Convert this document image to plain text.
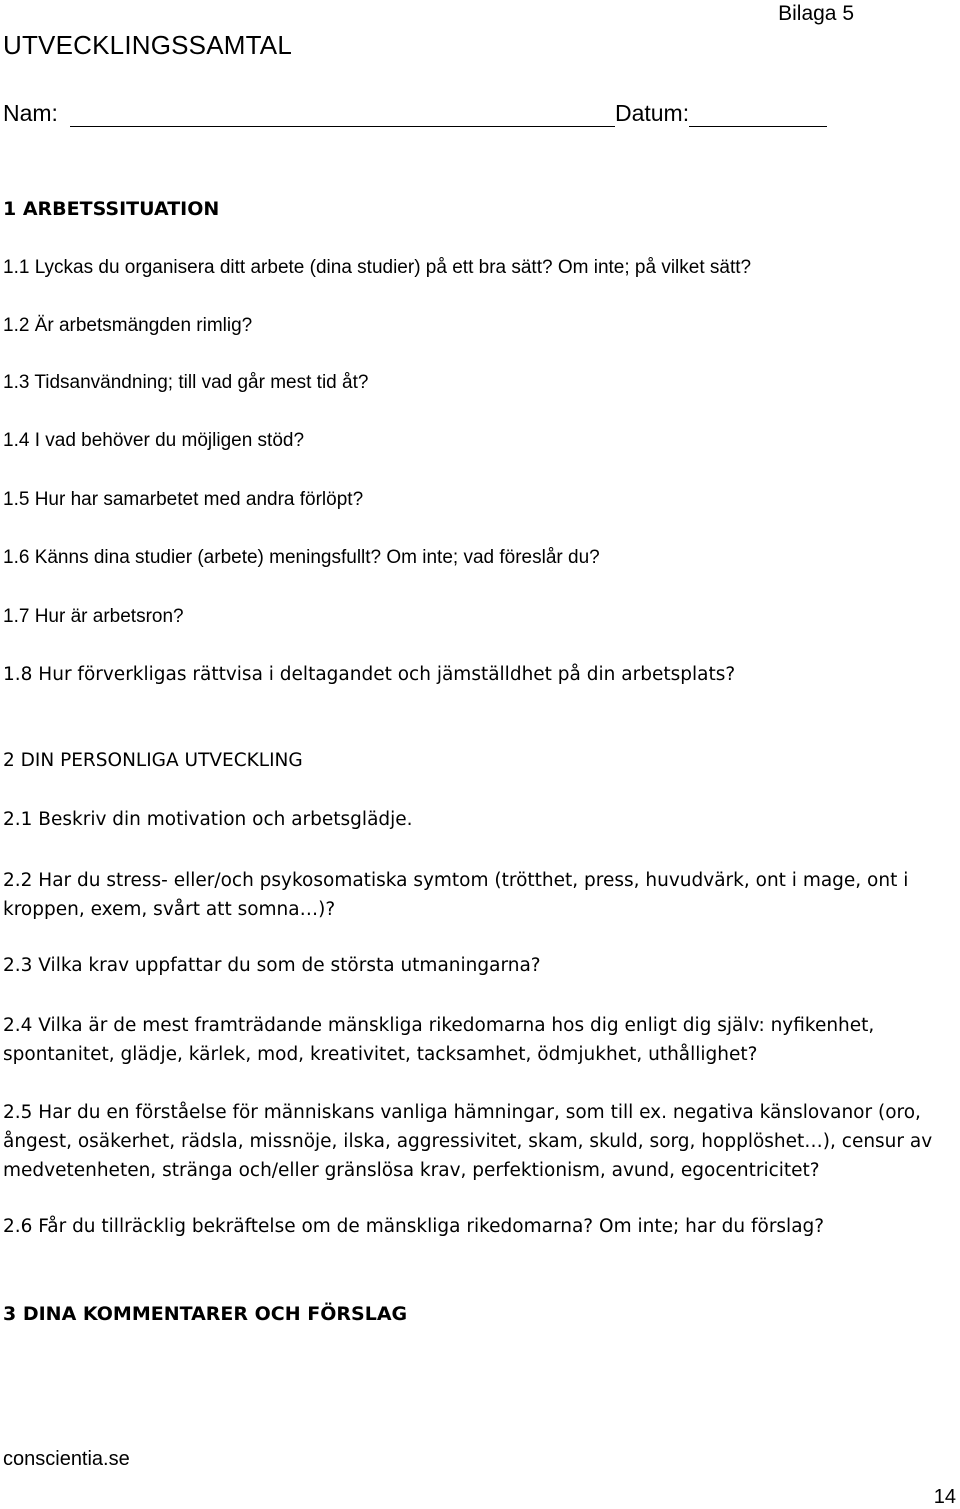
Bilaga 5
UTVECKLINGSSAMTAL
Nam:	Datum:
1 ARBETSSITUATION
1.1 Lyckas du organisera ditt arbete (dina studier) på ett bra sätt? Om inte; på vilket sätt?
1.2 Är arbetsmängden rimlig?
1.3 Tidsanvändning; till vad går mest tid åt?
1.4 I vad behöver du möjligen stöd?
1.5 Hur har samarbetet med andra förlöpt?
1.6 Känns dina studier (arbete) meningsfullt? Om inte; vad föreslår du?
1.7 Hur är arbetsron?
1.8 Hur förverkligas rättvisa i deltagandet och jämställdhet på din arbetsplats?
2 DIN PERSONLIGA UTVECKLING
2.1 Beskriv din motivation och arbetsglädje.
2.2 Har du stress- eller/och psykosomatiska symtom (trötthet, press, huvudvärk, ont i mage, ont i kroppen, exem, svårt att somna…)?
2.3 Vilka krav uppfattar du som de största utmaningarna?
2.4 Vilka är de mest framträdande mänskliga rikedomarna hos dig enligt dig själv: nyfikenhet, spontanitet, glädje, kärlek, mod, kreativitet, tacksamhet, ödmjukhet, uthållighet?
2.5 Har du en förståelse för människans vanliga hämningar, som till ex. negativa känslovanor (oro, ångest, osäkerhet, rädsla, missnöje, ilska, aggressivitet, skam, skuld, sorg, hopplöshet…), censur av medvetenheten, stränga och/eller gränslösa krav, perfektionism, avund, egocentricitet?
2.6 Får du tillräcklig bekräftelse om de mänskliga rikedomarna? Om inte; har du förslag?
3 DINA KOMMENTARER OCH FÖRSLAG
conscientia.se
14
